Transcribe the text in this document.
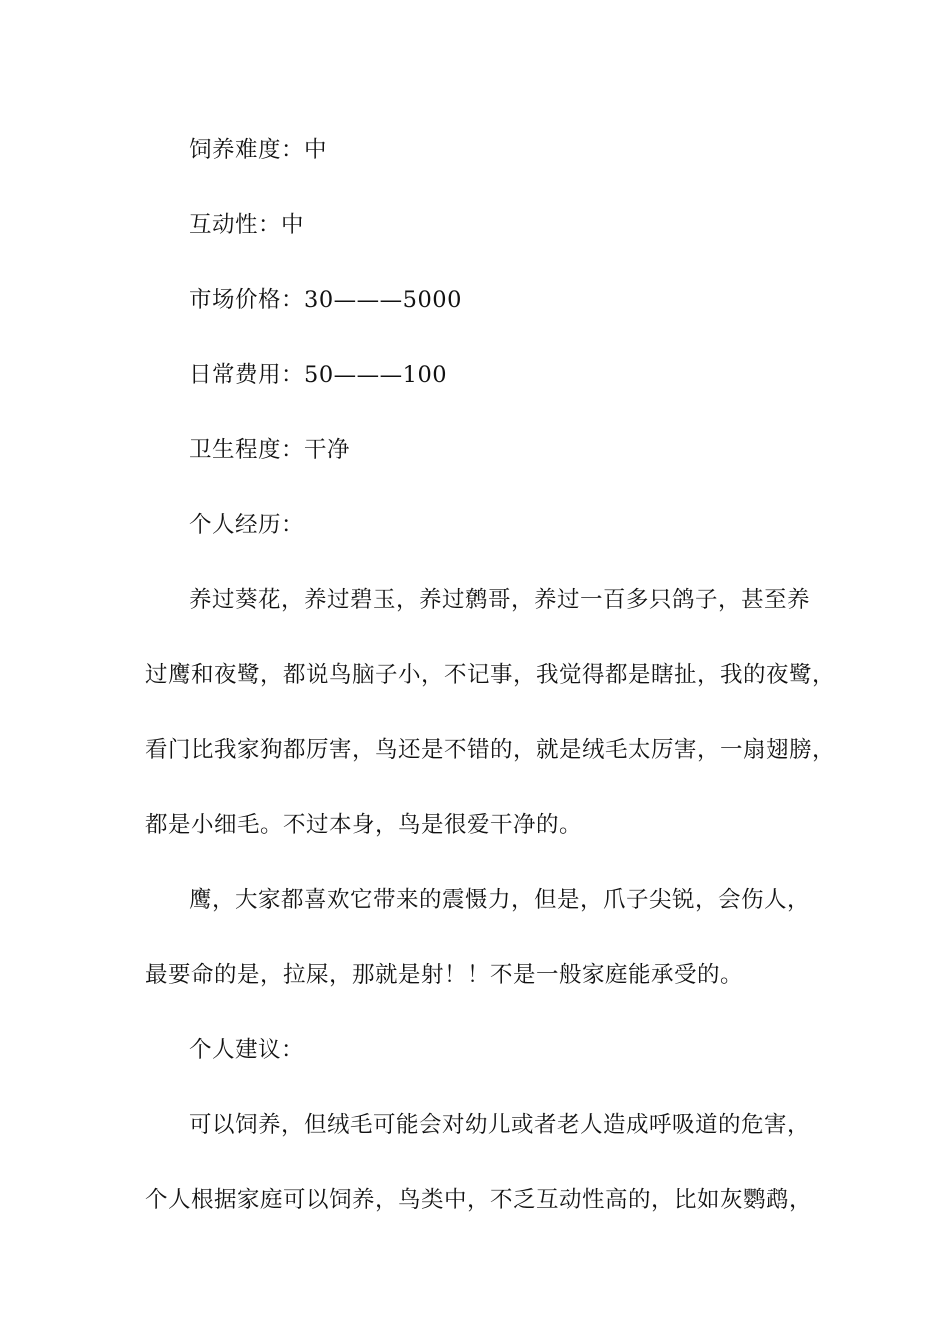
饲养难度：中
互动性：中
市场价格：30———5000
日常费用：50———100
卫生程度：干净
个人经历：
养过葵花，养过碧玉，养过鹩哥，养过一百多只鸽子，甚至养
过鹰和夜鹭，都说鸟脑子小，不记事，我觉得都是瞎扯，我的夜鹭，
看门比我家狗都厉害，鸟还是不错的，就是绒毛太厉害，一扇翅膀，
都是小细毛。不过本身，鸟是很爱干净的。
鹰，大家都喜欢它带来的震慑力，但是，爪子尖锐，会伤人，
最要命的是，拉屎，那就是射！！不是一般家庭能承受的。
个人建议：
可以饲养，但绒毛可能会对幼儿或者老人造成呼吸道的危害，
个人根据家庭可以饲养，鸟类中，不乏互动性高的，比如灰鹦鹉，
